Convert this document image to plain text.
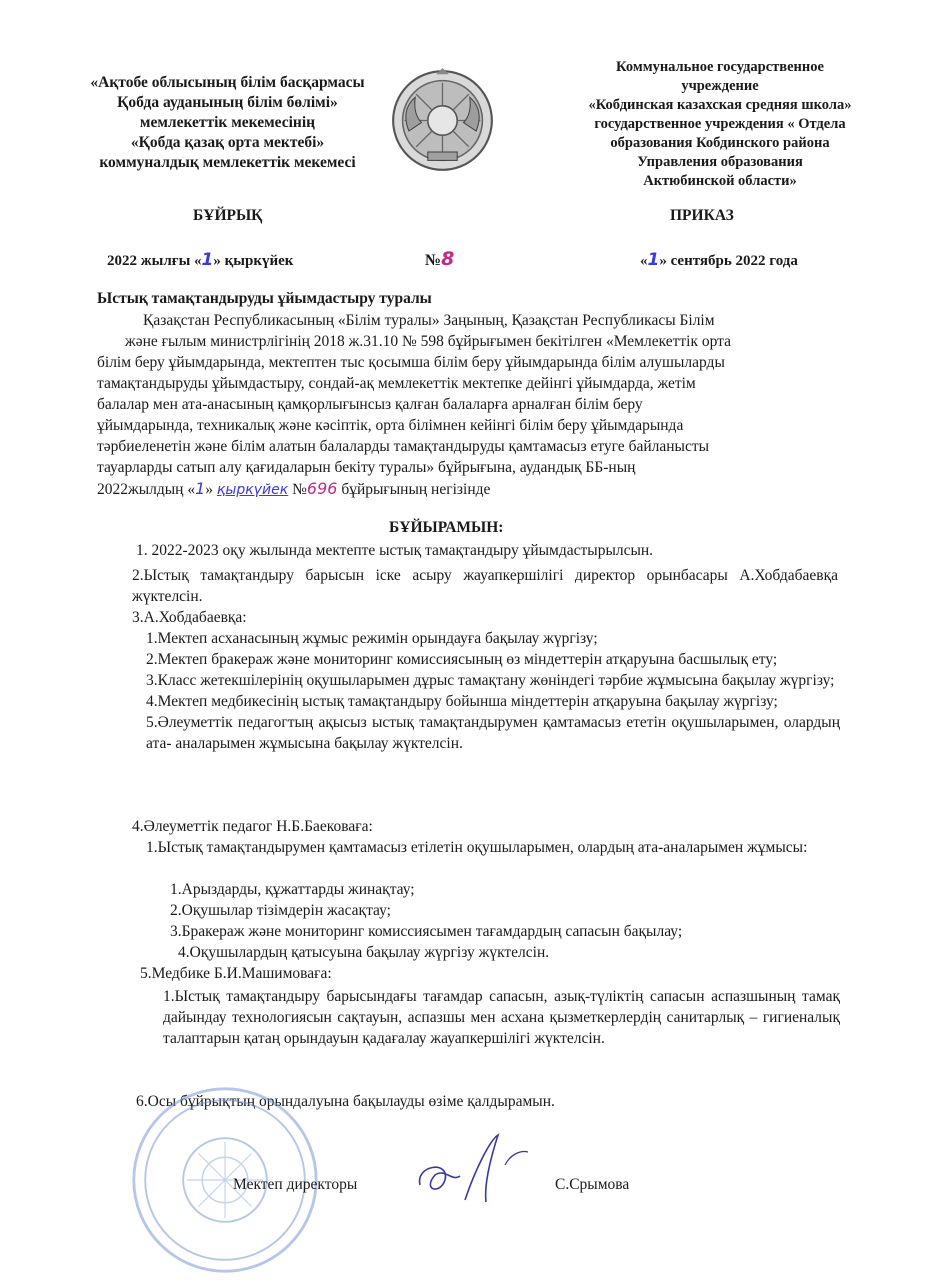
«Ақтобе облысының білім басқармасы
Қобда ауданының білім бөлімі»
мемлекеттік мекемесінің
«Қобда қазақ орта мектебі»
коммуналдық мемлекеттік мекемесі
Коммунальное государственное
учреждение
«Кобдинская казахская средняя школа»
государственное учреждения « Отдела
образования Кобдинского района
Управления образования
Актюбинской области»
БҰЙРЫҚ	ПРИКАЗ
2022 жылғы «1» қыркүйек	№8	«1» сентябрь 2022 года
Ыстық тамақтандыруды ұйымдастыру туралы
Қазақстан Республикасының «Білім туралы» Заңының, Қазақстан Республикасы Білім
және ғылым министрлігінің 2018 ж.31.10 № 598 бұйрығымен бекітілген «Мемлекеттік орта
білім беру ұйымдарында, мектептен тыс қосымша білім беру ұйымдарында білім алушыларды
тамақтандыруды ұйымдастыру, сондай-ақ мемлекеттік мектепке дейінгі ұйымдарда, жетім
балалар мен ата-анасының қамқорлығынсыз қалған балаларға арналған білім беру
ұйымдарында, техникалық және кәсіптік, орта білімнен кейінгі білім беру ұйымдарында
тәрбиеленетін және білім алатын балаларды тамақтандыруды қамтамасыз етуге байланысты
тауарларды сатып алу қағидаларын бекіту туралы» бұйрығына, аудандық ББ-ның
2022жылдың «1» қыркүйек №696 бұйрығының негізінде
БҰЙЫРАМЫН:
1. 2022-2023 оқу жылында мектепте ыстық тамақтандыру ұйымдастырылсын.
2.Ыстық тамақтандыру барысын іске асыру жауапкершілігі директор орынбасары А.Хобдабаевқа жүктелсін.
3.А.Хобдабаевқа:
1.Мектеп асханасының жұмыс режимін орындауға бақылау жүргізу;
2.Мектеп бракераж және мониторинг комиссиясының өз міндеттерін атқаруына басшылық ету;
3.Класс жетекшілерінің оқушыларымен дұрыс тамақтану жөніндегі тәрбие жұмысына бақылау жүргізу;
4.Мектеп медбикесінің ыстық тамақтандыру бойынша міндеттерін атқаруына бақылау жүргізу;
5.Әлеуметтік педагогтың ақысыз ыстық тамақтандырумен қамтамасыз ететін оқушыларымен, олардың ата- аналарымен жұмысына бақылау жүктелсін.
4.Әлеуметтік педагог Н.Б.Баековаға:
1.Ыстық тамақтандырумен қамтамасыз етілетін оқушыларымен, олардың ата-аналарымен жұмысы:
1.Арыздарды, құжаттарды жинақтау;
2.Оқушылар тізімдерін жасақтау;
3.Бракераж және мониторинг комиссиясымен тағамдардың сапасын бақылау;
4.Оқушылардың қатысуына бақылау жүргізу жүктелсін.
5.Медбике Б.И.Машимоваға:
1.Ыстық тамақтандыру барысындағы тағамдар сапасын, азық-түліктің сапасын аспазшының тамақ дайындау технологиясын сақтауын, аспазшы мен асхана қызметкерлердің санитарлық – гигиеналық талаптарын қатаң орындауын қадағалау жауапкершілігі жүктелсін.
6.Осы бұйрықтың орындалуына бақылауды өзіме қалдырамын.
Мектеп директоры	С.Срымова
